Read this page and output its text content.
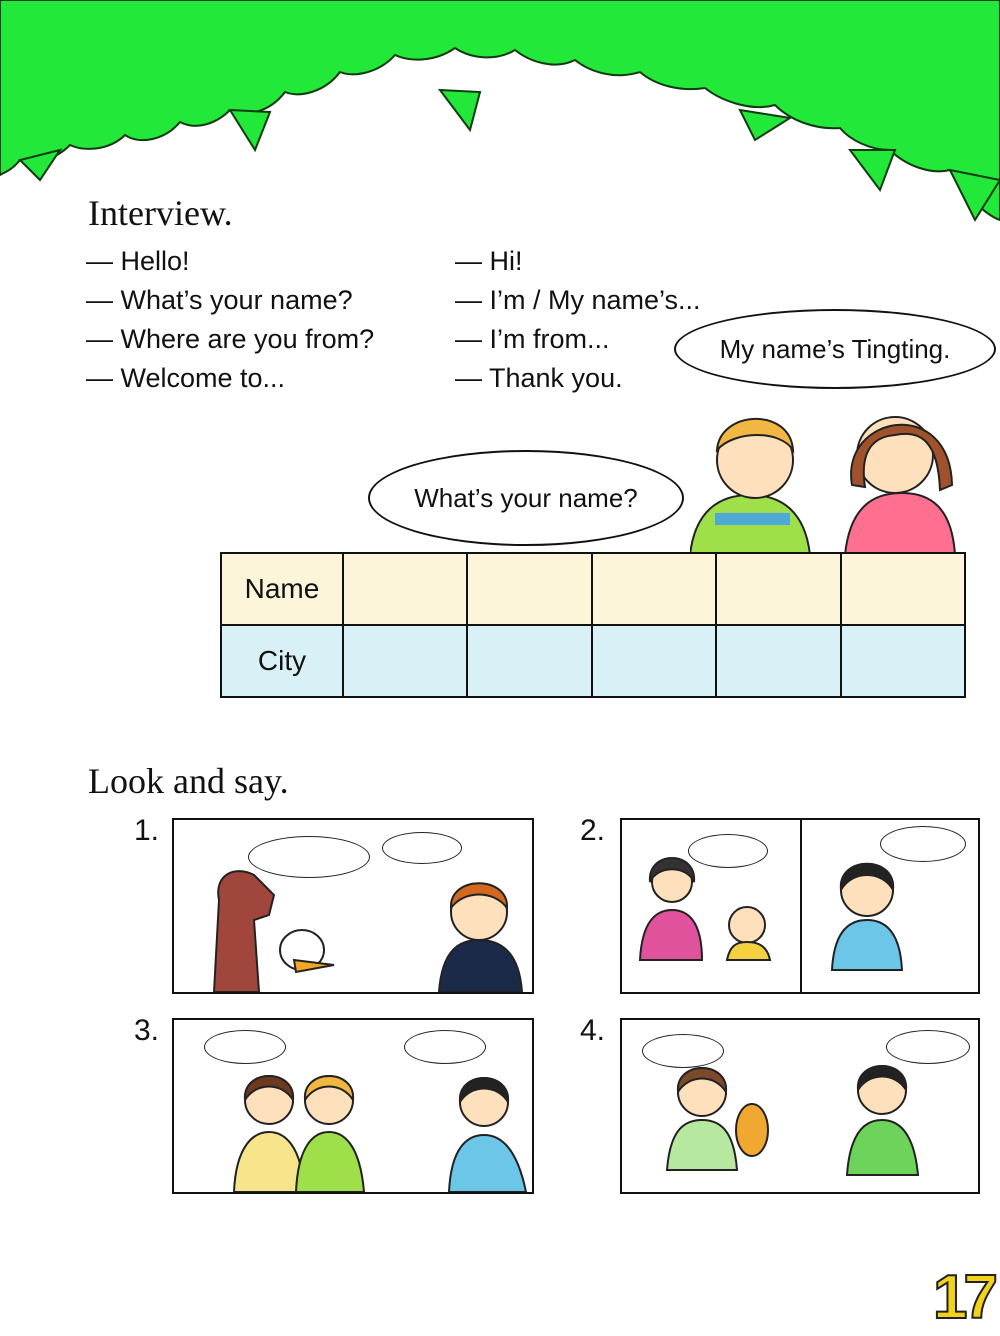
Interview.
— Hello!
— What’s your name?
— Where are you from?
— Welcome to...
— Hi!
— I’m / My name’s...
— I’m from...
— Thank you.
My name’s Tingting.
What’s your name?
Name					
City					
Look and say.
1.	2.
3.	4.
17
